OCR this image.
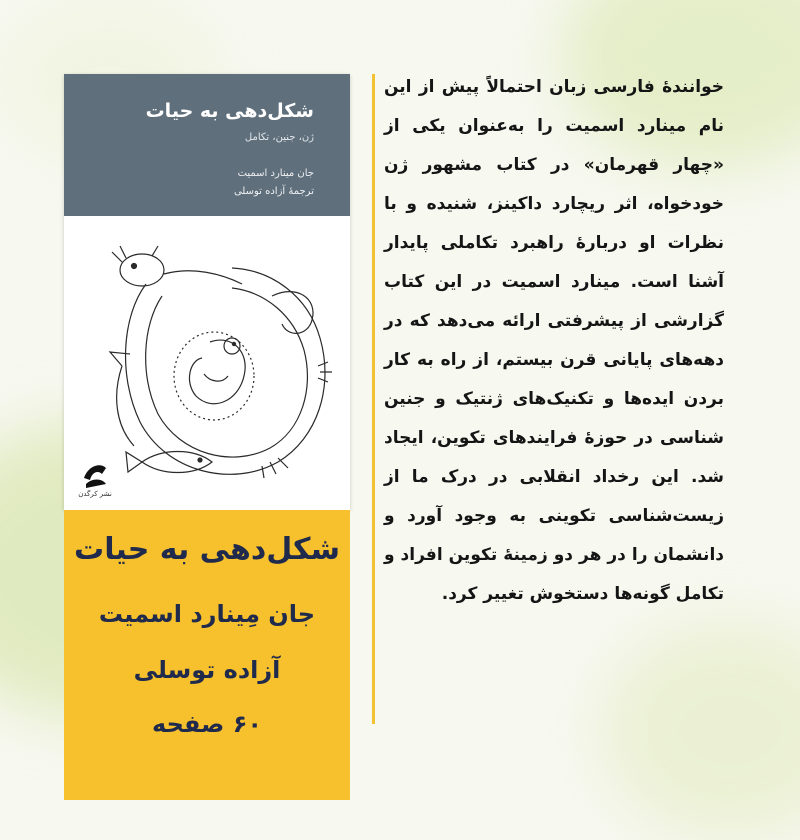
شکل‌دهی به حیات
ژن، جنین، تکامل
جان مینارد اسمیت
ترجمهٔ آزاده توسلی
نشر کرگدن
شکل‌دهی به حیات
جان مِینارد اسمیت
آزاده توسلی
۶۰ صفحه
خوانندهٔ فارسی زبان احتمالاً پیش از این نام مینارد اسمیت را به‌عنوان یکی از «چهار قهرمان» در کتاب مشهور ژن خودخواه، اثر ریچارد داکینز، شنیده و با نظرات او دربارهٔ راهبرد تکاملی پایدار آشنا است. مینارد اسمیت در این کتاب گزارشی از پیشرفتی ارائه می‌دهد که در دهه‌های پایانی قرن بیستم، از راه به کار بردن ایده‌ها و تکنیک‌های ژنتیک و جنین شناسی در حوزهٔ فرایندهای تکوین، ایجاد شد. این رخداد انقلابی در درک ما از زیست‌شناسی تکوینی به وجود آورد و دانشمان را در هر دو زمینهٔ تکوین افراد و تکامل گونه‌ها دستخوش تغییر کرد.
